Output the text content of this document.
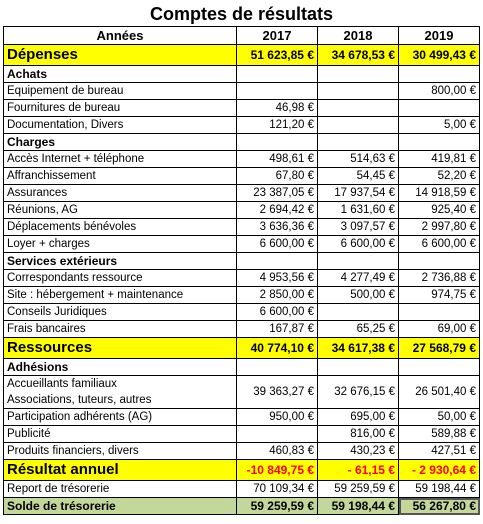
Comptes de résultats
Années	2017	2018	2019
Dépenses	51 623,85 €	34 678,53 €	30 499,43 €
Achats			
Equipement de bureau			800,00 €
Fournitures de bureau	46,98 €		
Documentation, Divers	121,20 €		5,00 €
Charges			
Accès Internet + téléphone	498,61 €	514,63 €	419,81 €
Affranchissement	67,80 €	54,45 €	52,20 €
Assurances	23 387,05 €	17 937,54 €	14 918,59 €
Réunions, AG	2 694,42 €	1 631,60 €	925,40 €
Déplacements bénévoles	3 636,36 €	3 097,57 €	2 997,80 €
Loyer + charges	6 600,00 €	6 600,00 €	6 600,00 €
Services extérieurs			
Correspondants ressource	4 953,56 €	4 277,49 €	2 736,88 €
Site : hébergement + maintenance	2 850,00 €	500,00 €	974,75 €
Conseils Juridiques	6 600,00 €		
Frais bancaires	167,87 €	65,25 €	69,00 €
Ressources	40 774,10 €	34 617,38 €	27 568,79 €
Adhésions			
Accueillants familiaux	39 363,27 €	32 676,15 €	26 501,40 €
Associations, tuteurs, autres			
Participation adhérents (AG)	950,00 €	695,00 €	50,00 €
Publicité		816,00 €	589,88 €
Produits financiers, divers	460,83 €	430,23 €	427,51 €
Résultat annuel	-10 849,75 €	- 61,15 €	- 2 930,64 €
Report de trésorerie	70 109,34 €	59 259,59 €	59 198,44 €
Solde de trésorerie	59 259,59 €	59 198,44 €	56 267,80 €
